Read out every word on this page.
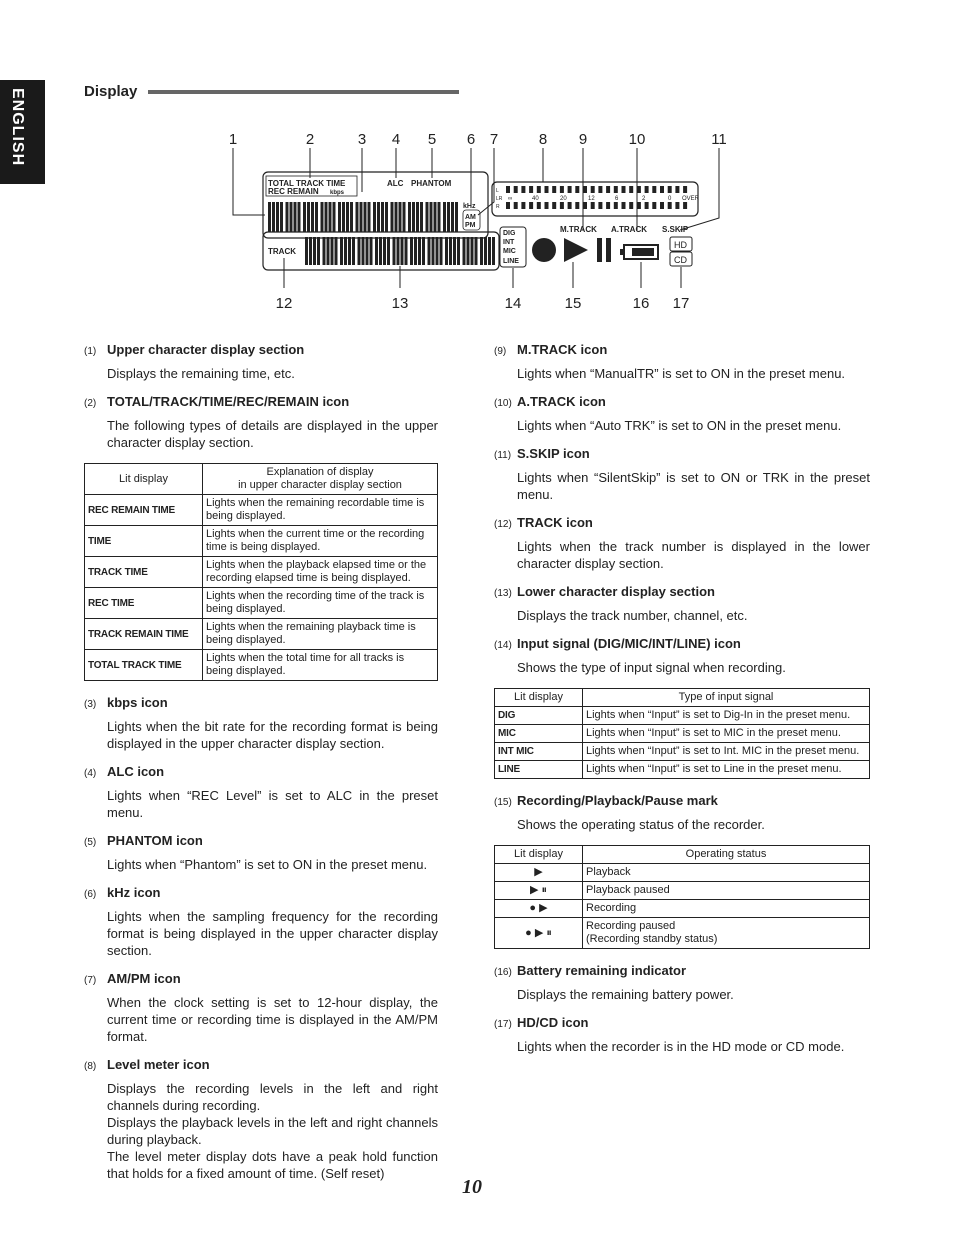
ENGLISH	Display
1	2	3 4 5 6 7	8 9	10	11
12	13	14	15	16 17
TOTAL TRACK TIME
REC REMAIN kbps
ALC PHANTOM
kHz
AM
PM
TRACK
DIG
INT
MIC
LINE
M.TRACK A.TRACK S.SKIP
HD
CD
L
LR
R
∞	40	20	12	6	2	0 OVER
(1) Upper character display section

Displays the remaining time, etc.

(2) TOTAL/TRACK/TIME/REC/REMAIN icon

The following types of details are displayed in the upper character display section.

Lit display	Explanation of display
in upper character display section
REC REMAIN TIME	Lights when the remaining recordable time is being displayed.
TIME	Lights when the current time or the recording time is being displayed.
TRACK TIME	Lights when the playback elapsed time or the recording elapsed time is being displayed.
REC TIME	Lights when the recording time of the track is being displayed.
TRACK REMAIN TIME	Lights when the remaining playback time is being displayed.
TOTAL TRACK TIME	Lights when the total time for all tracks is being displayed.
(3) kbps icon

Lights when the bit rate for the recording format is being displayed in the upper character display section.

(4) ALC icon

Lights when “REC Level” is set to ALC in the preset menu.

(5) PHANTOM icon

Lights when “Phantom” is set to ON in the preset menu.

(6) kHz icon

Lights when the sampling frequency for the recording format is being displayed in the upper character display section.

(7) AM/PM icon

When the clock setting is set to 12-hour display, the current time or recording time is displayed in the AM/PM format.

(8) Level meter icon

Displays the recording levels in the left and right channels during recording.

Displays the playback levels in the left and right channels during playback.

The level meter display dots have a peak hold function that holds for a fixed amount of time. (Self reset)

(9) M.TRACK icon

Lights when “ManualTR” is set to ON in the preset menu.

(10) A.TRACK icon

Lights when “Auto TRK” is set to ON in the preset menu.

(11) S.SKIP icon

Lights when “SilentSkip” is set to ON or TRK in the preset menu.

(12) TRACK icon

Lights when the track number is displayed in the lower character display section.

(13) Lower character display section

Displays the track number, channel, etc.

(14) Input signal (DIG/MIC/INT/LINE) icon

Shows the type of input signal when recording.

Lit display	Type of input signal
DIG	Lights when “Input” is set to Dig-In in the preset menu.
MIC	Lights when “Input” is set to MIC in the preset menu.
INT MIC	Lights when “Input” is set to Int. MIC in the preset menu.
LINE	Lights when “Input” is set to Line in the preset menu.
(15) Recording/Playback/Pause mark

Shows the operating status of the recorder.

Lit display	Operating status
▶	Playback
▶ ⏸	Playback paused
● ▶	Recording
● ▶ ⏸	Recording paused
(Recording standby status)
(16) Battery remaining indicator

Displays the remaining battery power.

(17) HD/CD icon

Lights when the recorder is in the HD mode or CD mode.

10
